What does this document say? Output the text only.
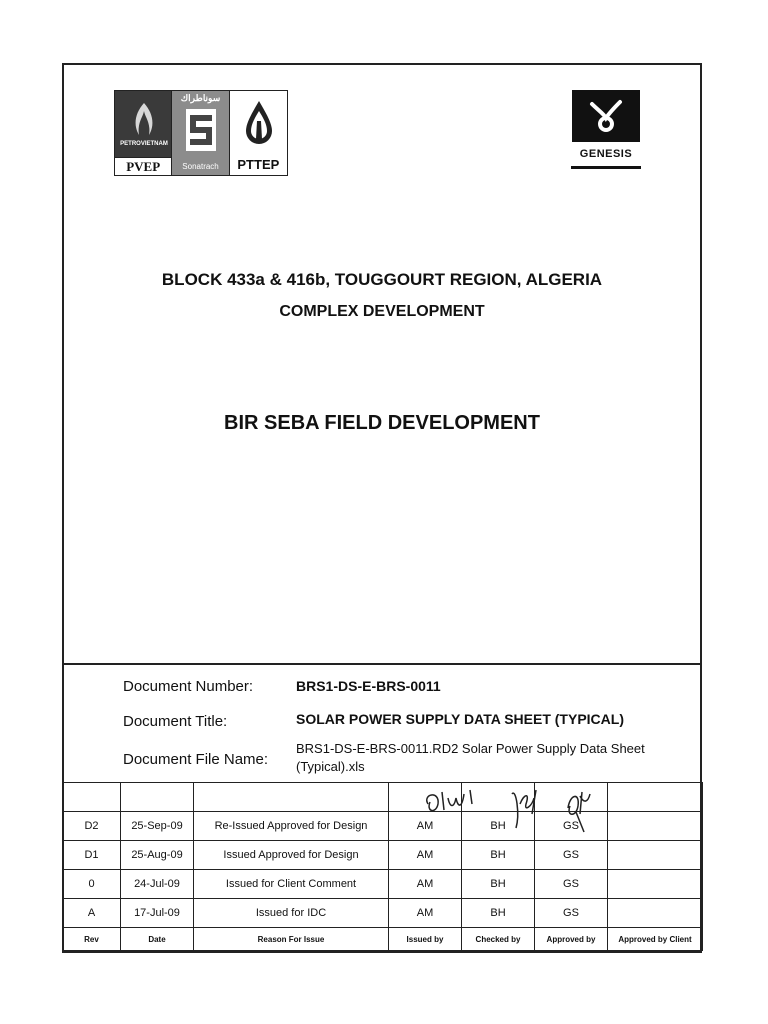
PETROVIETNAM
PVEP
سوناطراك
Sonatrach	PTTEP
GENESIS
BLOCK 433a & 416b, TOUGGOURT REGION, ALGERIA
COMPLEX DEVELOPMENT
BIR SEBA FIELD DEVELOPMENT
Document Number:	BRS1-DS-E-BRS-0011
Document Title:	SOLAR POWER SUPPLY DATA SHEET (TYPICAL)
Document File Name:
BRS1-DS-E-BRS-0011.RD2 Solar Power Supply Data Sheet
(Typical).xls

D2	25-Sep-09	Re-Issued Approved for Design	AM	BH	GS	
D1	25-Aug-09	Issued Approved for Design	AM	BH	GS	
0	24-Jul-09	Issued for Client Comment	AM	BH	GS	
A	17-Jul-09	Issued for IDC	AM	BH	GS	
Rev	Date	Reason For Issue	Issued by	Checked by	Approved by	Approved by Client
